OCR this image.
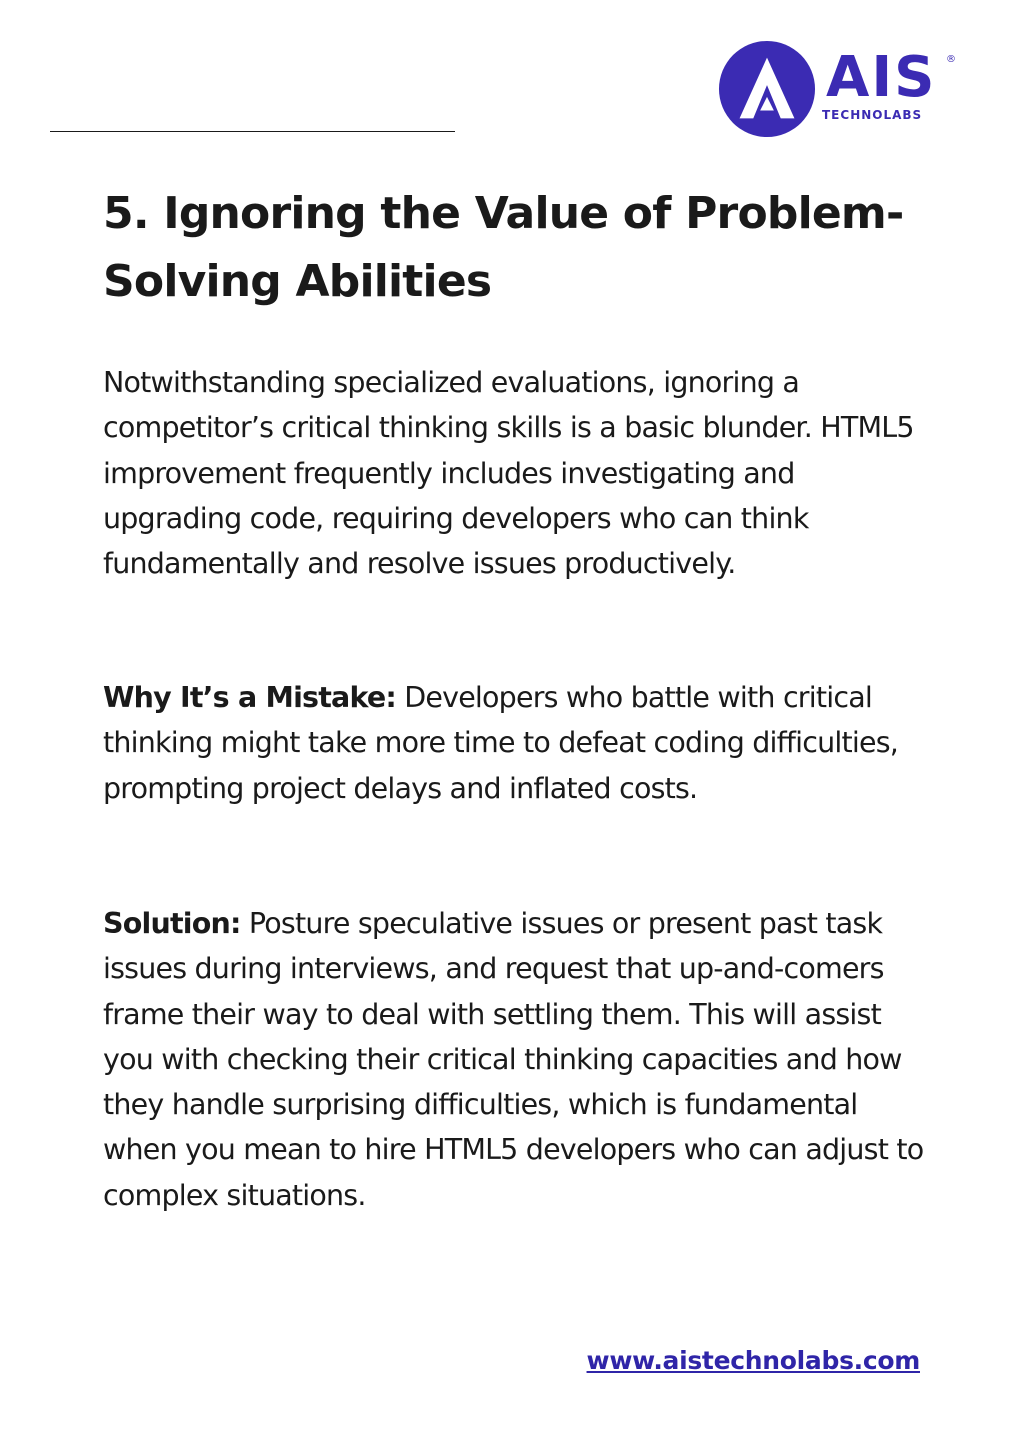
AIS ®
TECHNOLABS
5. Ignoring the Value of Problem-Solving Abilities

Notwithstanding specialized evaluations, ignoring a competitor’s critical thinking skills is a basic blunder. HTML5 improvement frequently includes investigating and upgrading code, requiring developers who can think fundamentally and resolve issues productively.

Why It’s a Mistake: Developers who battle with critical thinking might take more time to defeat coding difficulties, prompting project delays and inflated costs.

Solution: Posture speculative issues or present past task issues during interviews, and request that up-and-comers frame their way to deal with settling them. This will assist you with checking their critical thinking capacities and how they handle surprising difficulties, which is fundamental when you mean to hire HTML5 developers who can adjust to complex situations.

www.aistechnolabs.com
